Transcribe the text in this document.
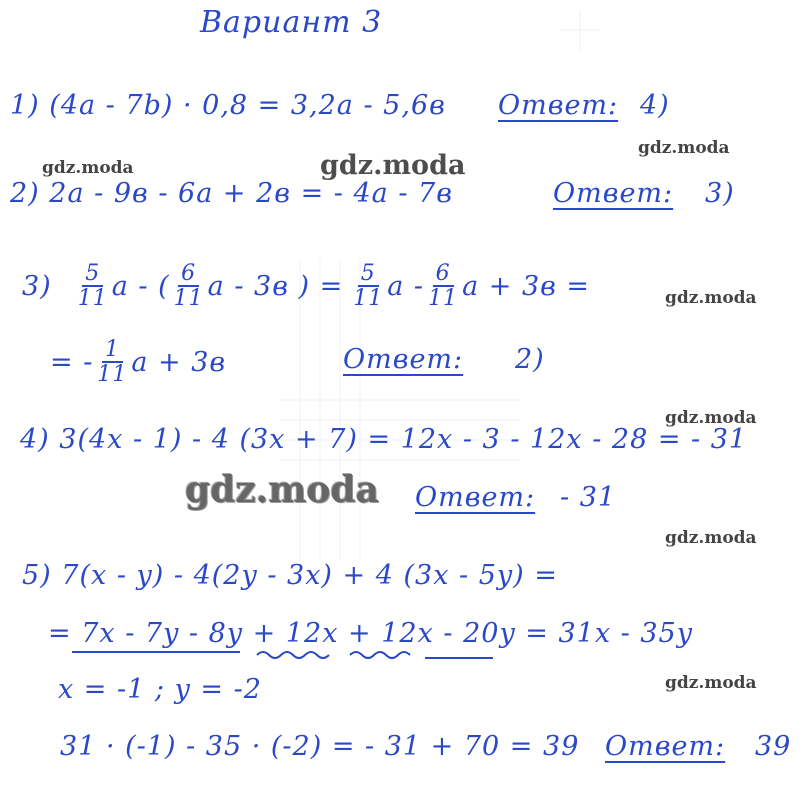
Вариант 3
1) (4a - 7b) · 0,8 = 3,2a - 5,6в Ответ: 4)
2) 2a - 9в - 6a + 2в = - 4a - 7в	Ответ: 3)
$3) \frac{5}{11}$ a - ( $\frac{6}{11}$ a - 3в ) = $\frac{5}{11}$ a - $\frac{6}{11}$ a + 3в =
= - $\frac{1}{11}$ a + 3в	Ответ: 2)
4) 3(4x - 1) - 4 (3x + 7) = 12x - 3 - 12x - 28 = - 31
Ответ: - 31
5) 7(x - y) - 4(2y - 3x) + 4 (3x - 5y) =
= 7x - 7y - 8y + 12x + 12x - 20y = 31x - 35y
x = -1 ; y = -2
31 · (-1) - 35 · (-2) = - 31 + 70 = 39 Ответ: 39
gdz.moda	gdz.moda
gdz.moda
gdz.moda
gdz.moda
gdz.moda
gdz.moda
gdz.moda
